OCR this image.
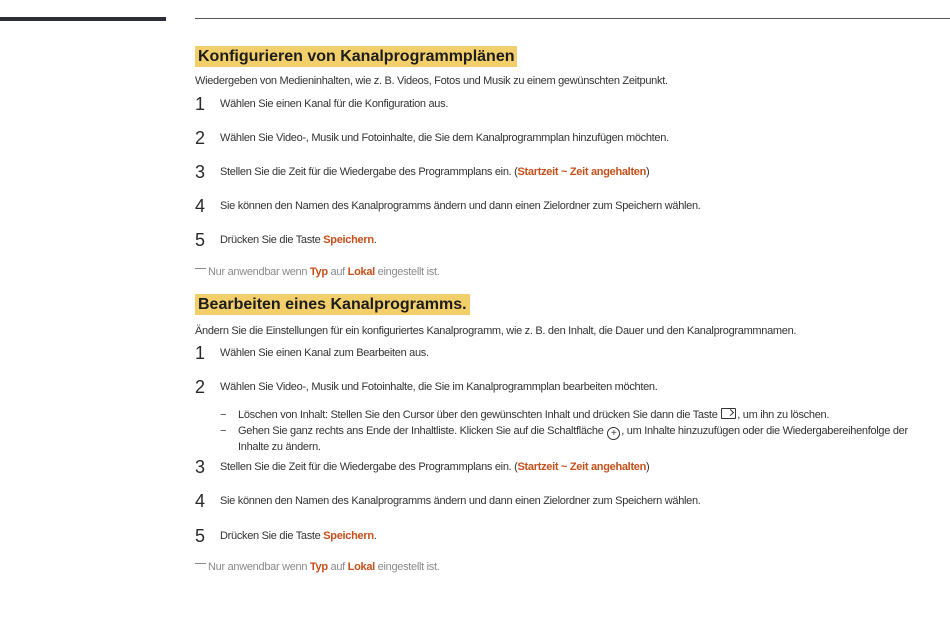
Konfigurieren von Kanalprogrammplänen
Wiedergeben von Medieninhalten, wie z. B. Videos, Fotos und Musik zu einem gewünschten Zeitpunkt.
1	Wählen Sie einen Kanal für die Konfiguration aus.
2	Wählen Sie Video-, Musik und Fotoinhalte, die Sie dem Kanalprogrammplan hinzufügen möchten.
3	Stellen Sie die Zeit für die Wiedergabe des Programmplans ein. (Startzeit ~ Zeit angehalten)
4	Sie können den Namen des Kanalprogramms ändern und dann einen Zielordner zum Speichern wählen.
5	Drücken Sie die Taste Speichern.
Nur anwendbar wenn Typ auf Lokal eingestellt ist.
Bearbeiten eines Kanalprogramms.
Ändern Sie die Einstellungen für ein konfiguriertes Kanalprogramm, wie z. B. den Inhalt, die Dauer und den Kanalprogrammnamen.
1	Wählen Sie einen Kanal zum Bearbeiten aus.
2	Wählen Sie Video-, Musik und Fotoinhalte, die Sie im Kanalprogrammplan bearbeiten möchten.
− Löschen von Inhalt: Stellen Sie den Cursor über den gewünschten Inhalt und drücken Sie dann die Taste , um ihn zu löschen.
− Gehen Sie ganz rechts ans Ende der Inhaltliste. Klicken Sie auf die Schaltfläche + , um Inhalte hinzuzufügen oder die Wiedergabereihenfolge der Inhalte zu ändern.
3	Stellen Sie die Zeit für die Wiedergabe des Programmplans ein. (Startzeit ~ Zeit angehalten)
4	Sie können den Namen des Kanalprogramms ändern und dann einen Zielordner zum Speichern wählen.
5	Drücken Sie die Taste Speichern.
Nur anwendbar wenn Typ auf Lokal eingestellt ist.
